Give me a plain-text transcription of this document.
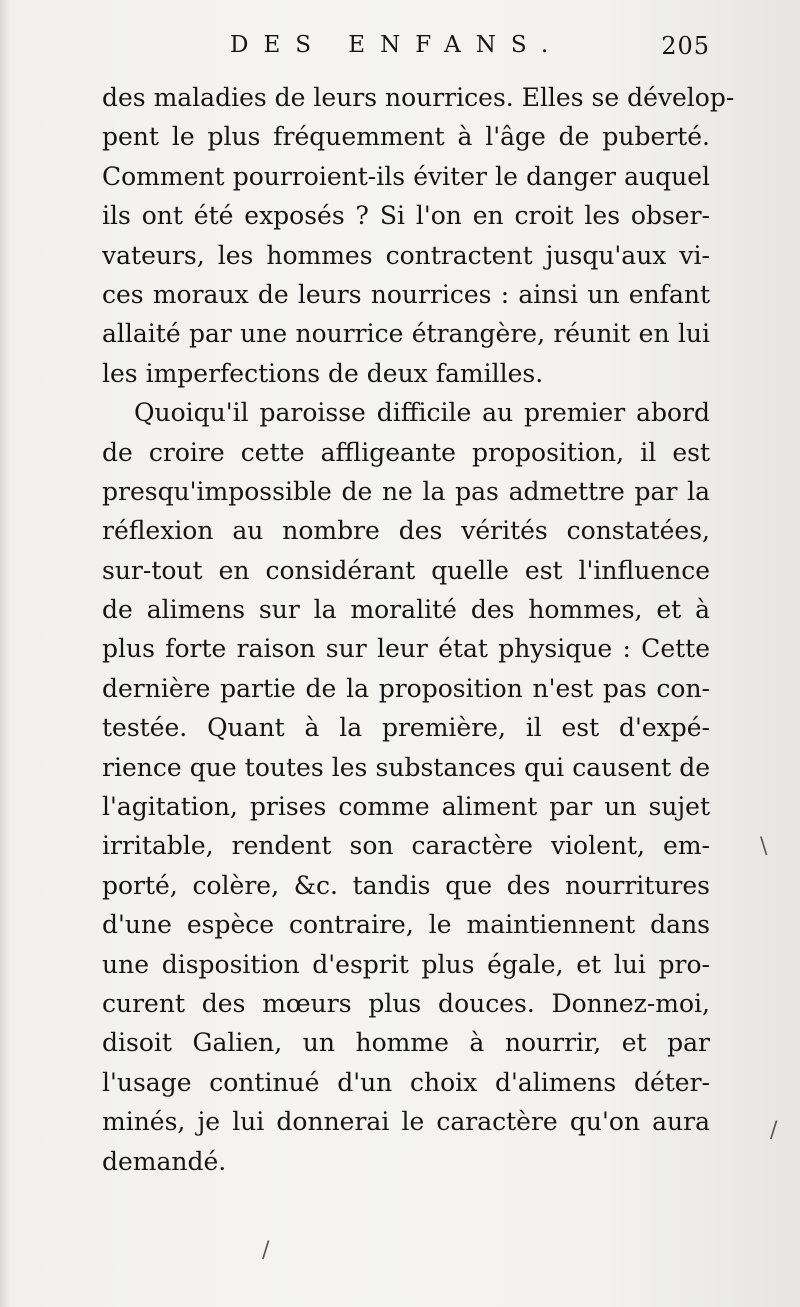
DES ENFANS.	205
des maladies de leurs nourrices. Elles se dévelop-
pent le plus fréquemment à l'âge de puberté.
Comment pourroient-ils éviter le danger auquel
ils ont été exposés ? Si l'on en croit les obser-
vateurs, les hommes contractent jusqu'aux vi-
ces moraux de leurs nourrices : ainsi un enfant
allaité par une nourrice étrangère, réunit en lui
les imperfections de deux familles.
Quoiqu'il paroisse difficile au premier abord
de croire cette affligeante proposition, il est
presqu'impossible de ne la pas admettre par la
réflexion au nombre des vérités constatées,
sur-tout en considérant quelle est l'influence
de alimens sur la moralité des hommes, et à
plus forte raison sur leur état physique : Cette
dernière partie de la proposition n'est pas con-
testée. Quant à la première, il est d'expé-
rience que toutes les substances qui causent de
l'agitation, prises comme aliment par un sujet
irritable, rendent son caractère violent, em-
porté, colère, &c. tandis que des nourritures
d'une espèce contraire, le maintiennent dans
une disposition d'esprit plus égale, et lui pro-
curent des mœurs plus douces. Donnez-moi,
disoit Galien, un homme à nourrir, et par
l'usage continué d'un choix d'alimens déter-
minés, je lui donnerai le caractère qu'on aura
demandé.
\
/
/
